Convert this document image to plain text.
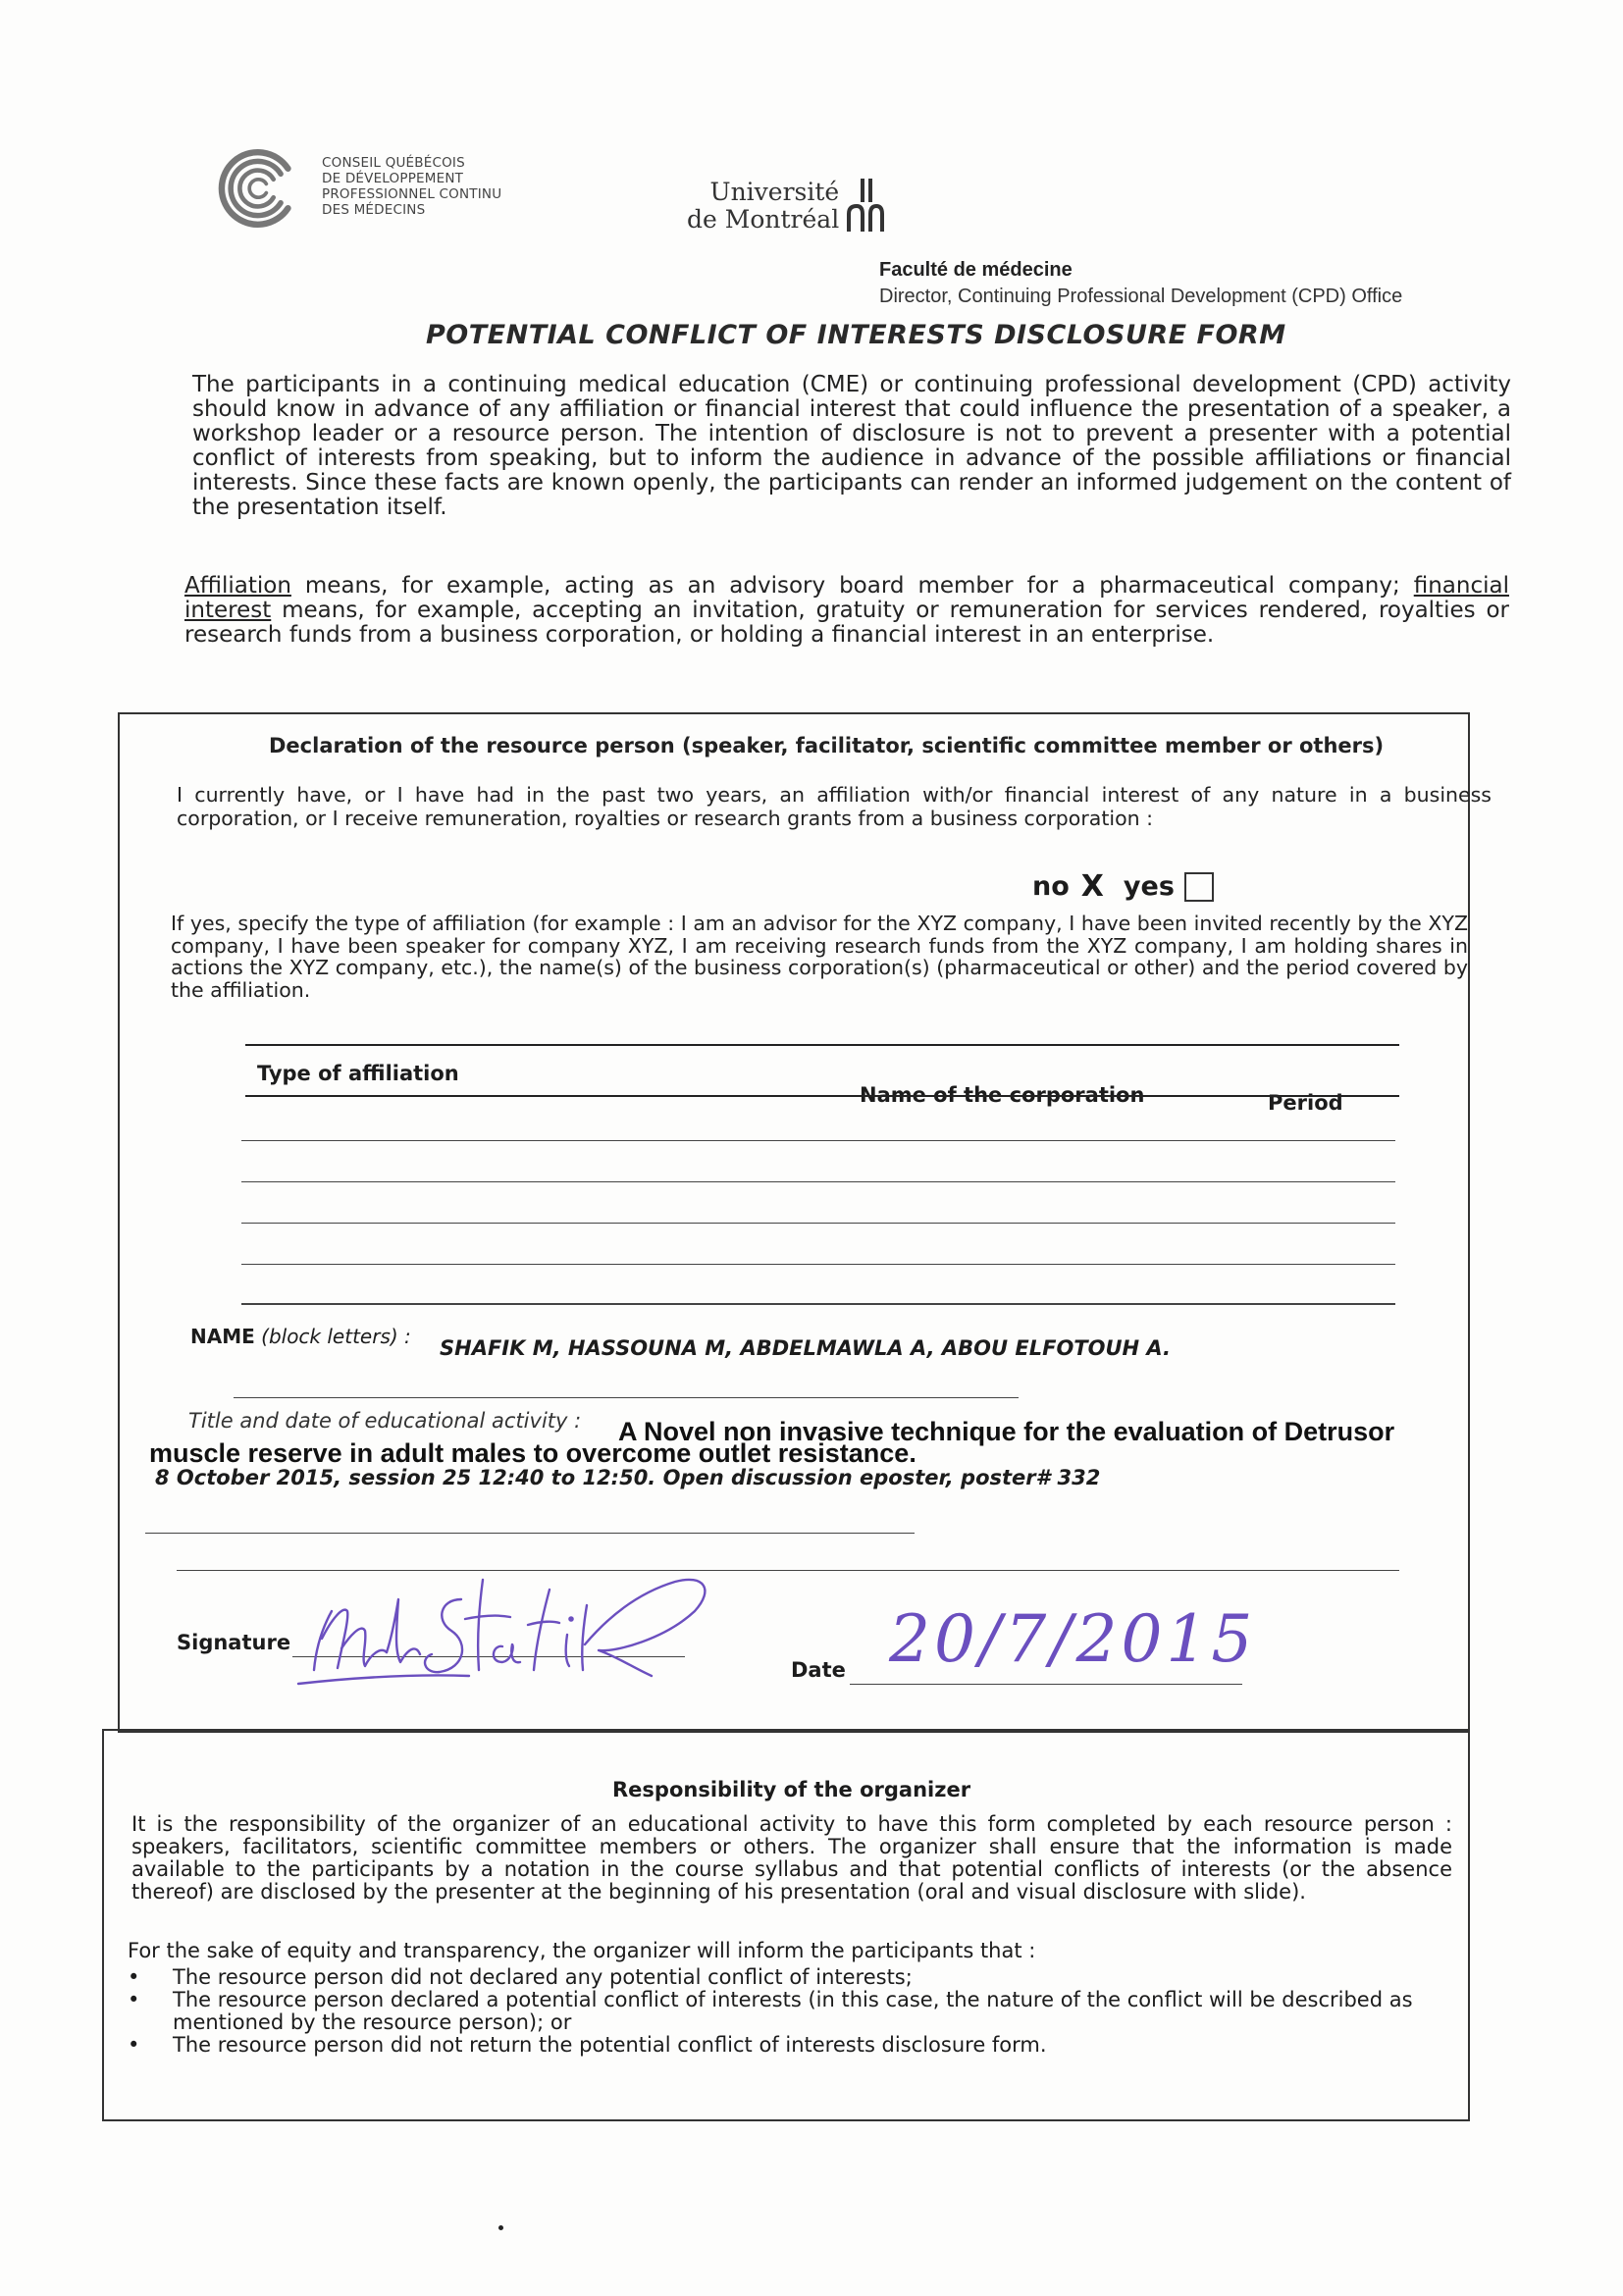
CONSEIL QUÉBÉCOIS
DE DÉVELOPPEMENT
PROFESSIONNEL CONTINU
DES MÉDECINS
Université
de Montréal
Faculté de médecine
Director, Continuing Professional Development (CPD) Office
POTENTIAL CONFLICT OF INTERESTS DISCLOSURE FORM
The participants in a continuing medical education (CME) or continuing professional development (CPD) activity should know in advance of any affiliation or financial interest that could influence the presentation of a speaker, a workshop leader or a resource person. The intention of disclosure is not to prevent a presenter with a potential conflict of interests from speaking, but to inform the audience in advance of the possible affiliations or financial interests. Since these facts are known openly, the participants can render an informed judgement on the content of the presentation itself.
Affiliation means, for example, acting as an advisory board member for a pharmaceutical company; financial interest means, for example, accepting an invitation, gratuity or remuneration for services rendered, royalties or research funds from a business corporation, or holding a financial interest in an enterprise.
Declaration of the resource person (speaker, facilitator, scientific committee member or others)
I currently have, or I have had in the past two years, an affiliation with/or financial interest of any nature in a business corporation, or I receive remuneration, royalties or research grants from a business corporation :
no X yes
If yes, specify the type of affiliation (for example : I am an advisor for the XYZ company, I have been invited recently by the XYZ company, I have been speaker for company XYZ, I am receiving research funds from the XYZ company, I am holding shares in actions the XYZ company, etc.), the name(s) of the business corporation(s) (pharmaceutical or other) and the period covered by the affiliation.
Type of affiliation
Name of the corporation	Period
NAME (block letters) : SHAFIK M, HASSOUNA M, ABDELMAWLA A, ABOU ELFOTOUH A.
Title and date of educational activity : A Novel non invasive technique for the evaluation of Detrusor
muscle reserve in adult males to overcome outlet resistance.
8 October 2015, session 25 12:40 to 12:50. Open discussion eposter, poster# 332
Signature
Date 20/7/2015
Responsibility of the organizer
It is the responsibility of the organizer of an educational activity to have this form completed by each resource person : speakers, facilitators, scientific committee members or others. The organizer shall ensure that the information is made available to the participants by a notation in the course syllabus and that potential conflicts of interests (or the absence thereof) are disclosed by the presenter at the beginning of his presentation (oral and visual disclosure with slide).
For the sake of equity and transparency, the organizer will inform the participants that :
•	The resource person did not declared any potential conflict of interests;
•	The resource person declared a potential conflict of interests (in this case, the nature of the conflict will be described as mentioned by the resource person); or
•	The resource person did not return the potential conflict of interests disclosure form.
